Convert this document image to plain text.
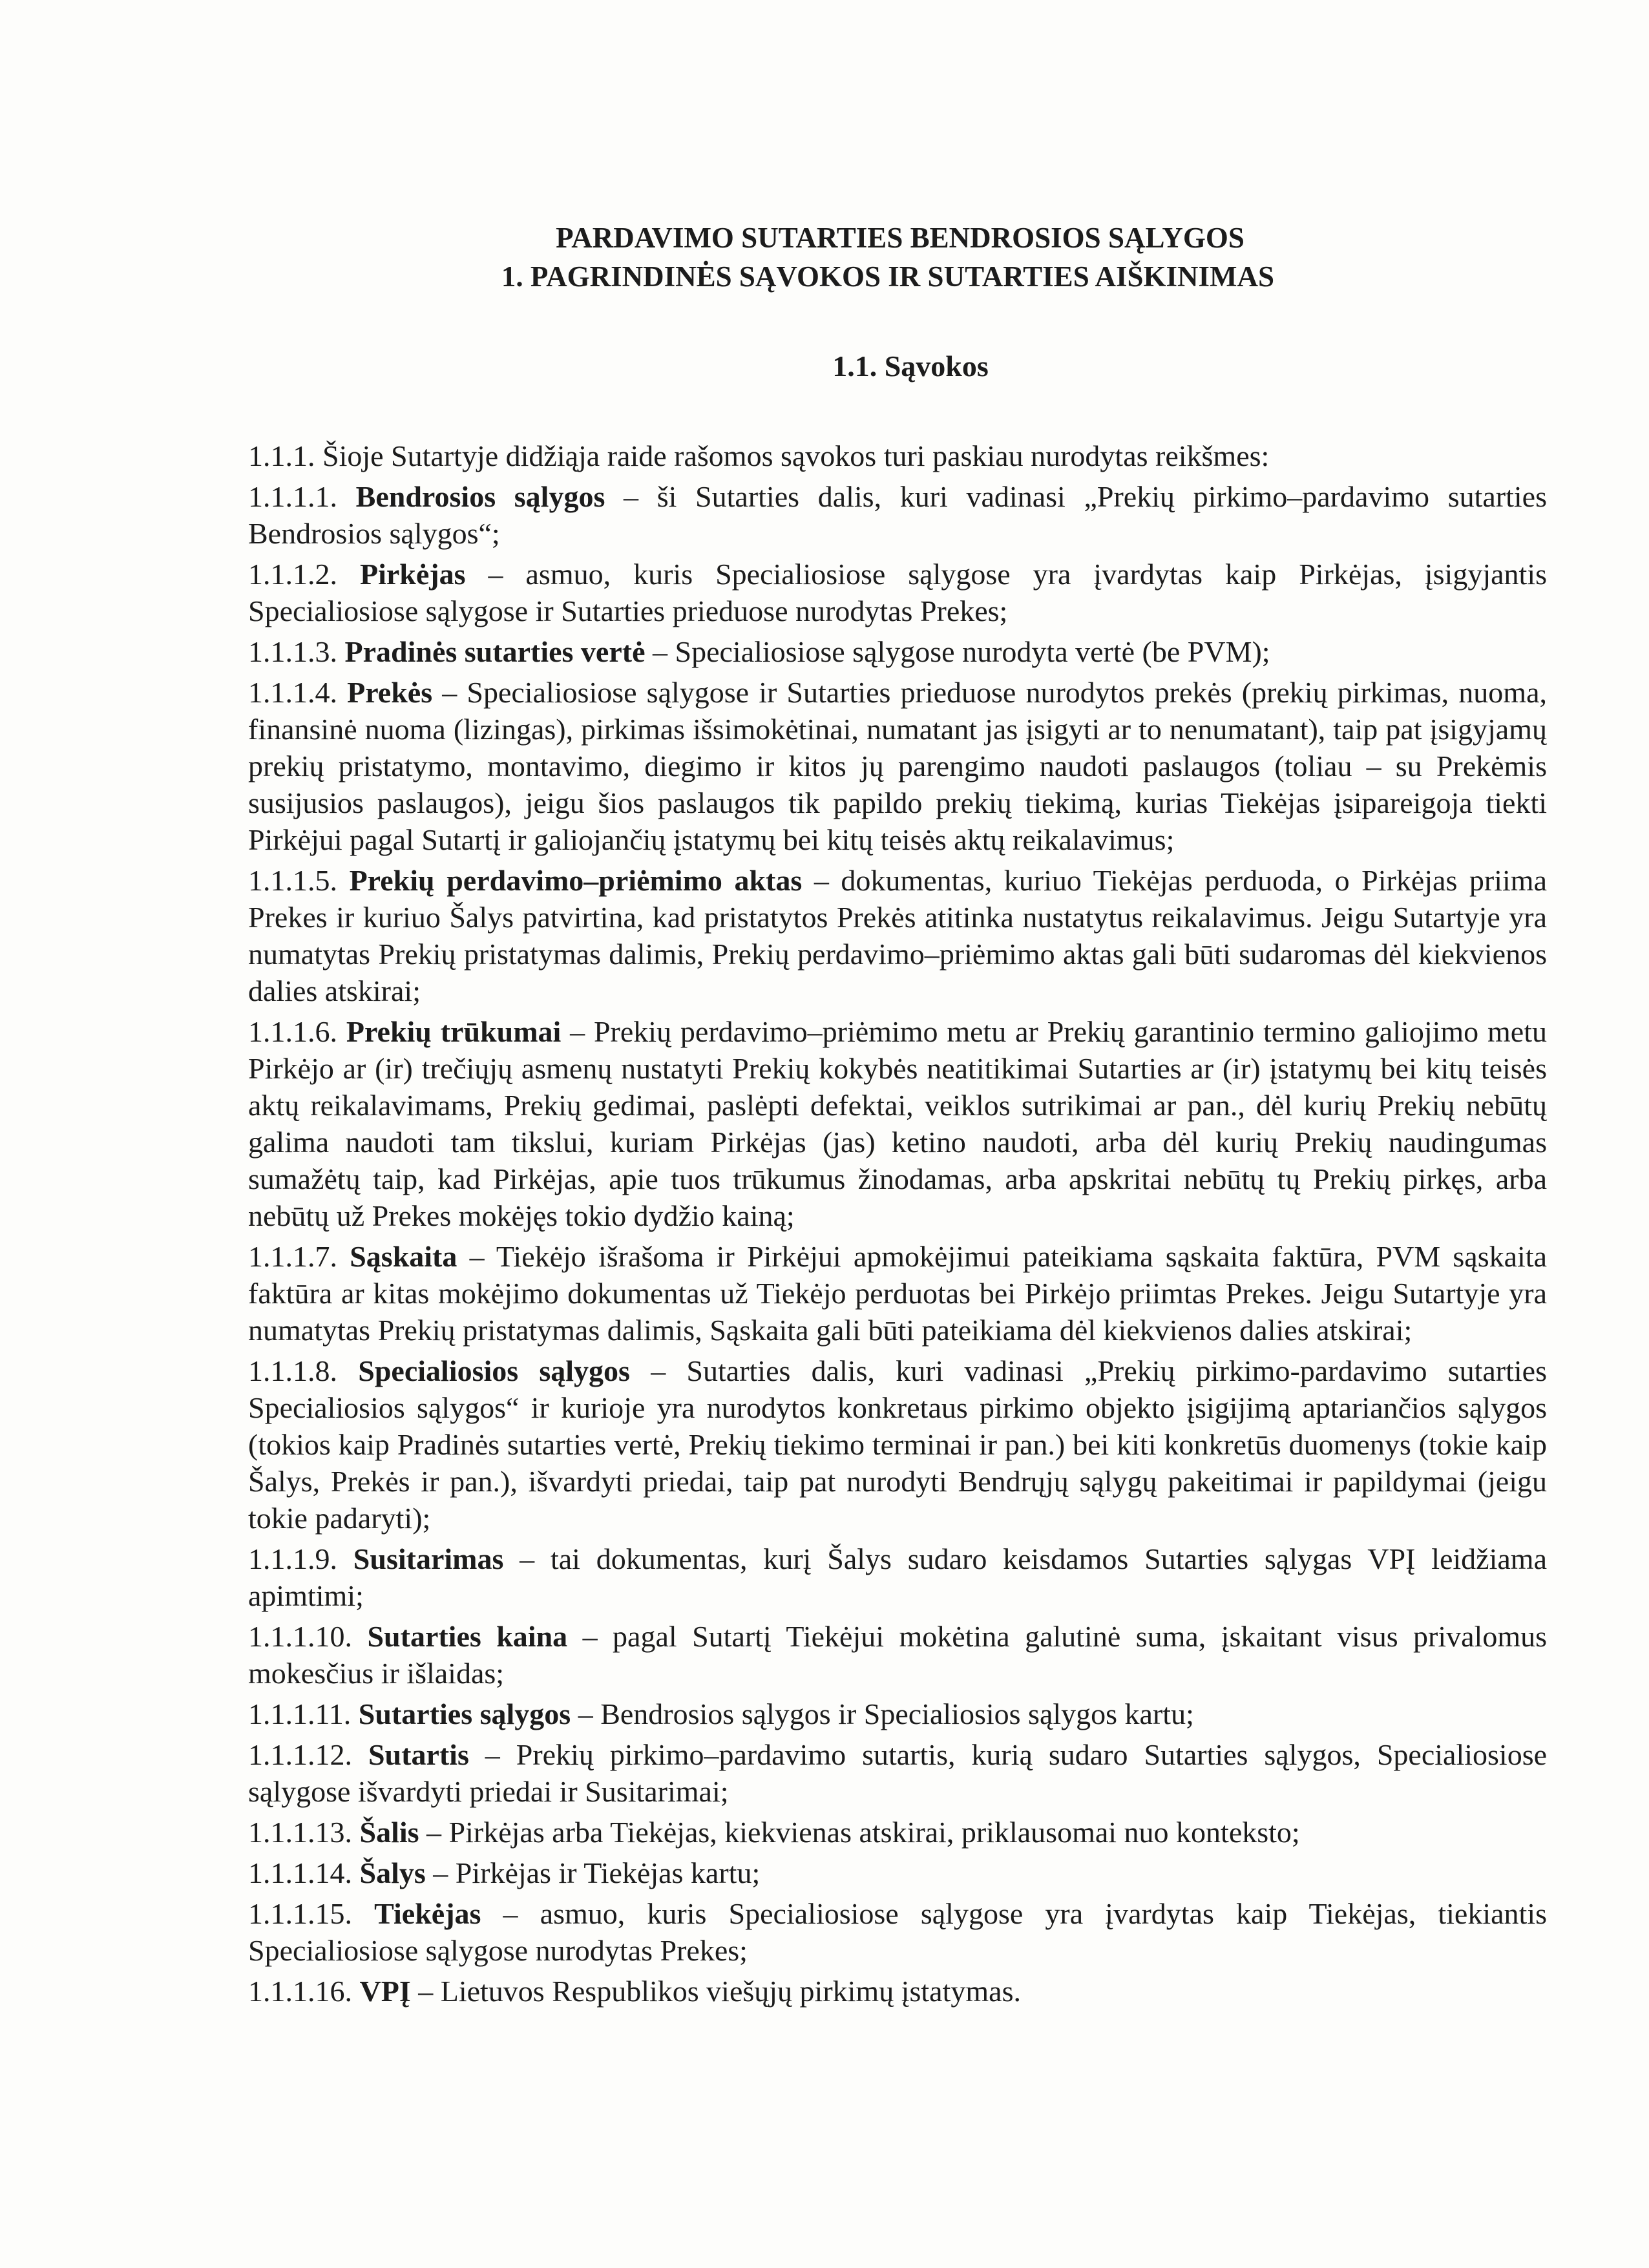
PARDAVIMO SUTARTIES BENDROSIOS SĄLYGOS
1. PAGRINDINĖS SĄVOKOS IR SUTARTIES AIŠKINIMAS
1.1. Sąvokos

1.1.1. Šioje Sutartyje didžiąja raide rašomos sąvokos turi paskiau nurodytas reikšmes:

1.1.1.1. Bendrosios sąlygos – ši Sutarties dalis, kuri vadinasi „Prekių pirkimo–pardavimo sutarties Bendrosios sąlygos“;

1.1.1.2. Pirkėjas – asmuo, kuris Specialiosiose sąlygose yra įvardytas kaip Pirkėjas, įsigyjantis Specialiosiose sąlygose ir Sutarties prieduose nurodytas Prekes;

1.1.1.3. Pradinės sutarties vertė – Specialiosiose sąlygose nurodyta vertė (be PVM);

1.1.1.4. Prekės – Specialiosiose sąlygose ir Sutarties prieduose nurodytos prekės (prekių pirkimas, nuoma, finansinė nuoma (lizingas), pirkimas išsimokėtinai, numatant jas įsigyti ar to nenumatant), taip pat įsigyjamų prekių pristatymo, montavimo, diegimo ir kitos jų parengimo naudoti paslaugos (toliau – su Prekėmis susijusios paslaugos), jeigu šios paslaugos tik papildo prekių tiekimą, kurias Tiekėjas įsipareigoja tiekti Pirkėjui pagal Sutartį ir galiojančių įstatymų bei kitų teisės aktų reikalavimus;

1.1.1.5. Prekių perdavimo–priėmimo aktas – dokumentas, kuriuo Tiekėjas perduoda, o Pirkėjas priima Prekes ir kuriuo Šalys patvirtina, kad pristatytos Prekės atitinka nustatytus reikalavimus. Jeigu Sutartyje yra numatytas Prekių pristatymas dalimis, Prekių perdavimo–priėmimo aktas gali būti sudaromas dėl kiekvienos dalies atskirai;

1.1.1.6. Prekių trūkumai – Prekių perdavimo–priėmimo metu ar Prekių garantinio termino galiojimo metu Pirkėjo ar (ir) trečiųjų asmenų nustatyti Prekių kokybės neatitikimai Sutarties ar (ir) įstatymų bei kitų teisės aktų reikalavimams, Prekių gedimai, paslėpti defektai, veiklos sutrikimai ar pan., dėl kurių Prekių nebūtų galima naudoti tam tikslui, kuriam Pirkėjas (jas) ketino naudoti, arba dėl kurių Prekių naudingumas sumažėtų taip, kad Pirkėjas, apie tuos trūkumus žinodamas, arba apskritai nebūtų tų Prekių pirkęs, arba nebūtų už Prekes mokėjęs tokio dydžio kainą;

1.1.1.7. Sąskaita – Tiekėjo išrašoma ir Pirkėjui apmokėjimui pateikiama sąskaita faktūra, PVM sąskaita faktūra ar kitas mokėjimo dokumentas už Tiekėjo perduotas bei Pirkėjo priimtas Prekes. Jeigu Sutartyje yra numatytas Prekių pristatymas dalimis, Sąskaita gali būti pateikiama dėl kiekvienos dalies atskirai;

1.1.1.8. Specialiosios sąlygos – Sutarties dalis, kuri vadinasi „Prekių pirkimo-pardavimo sutarties Specialiosios sąlygos“ ir kurioje yra nurodytos konkretaus pirkimo objekto įsigijimą aptariančios sąlygos (tokios kaip Pradinės sutarties vertė, Prekių tiekimo terminai ir pan.) bei kiti konkretūs duomenys (tokie kaip Šalys, Prekės ir pan.), išvardyti priedai, taip pat nurodyti Bendrųjų sąlygų pakeitimai ir papildymai (jeigu tokie padaryti);

1.1.1.9. Susitarimas – tai dokumentas, kurį Šalys sudaro keisdamos Sutarties sąlygas VPĮ leidžiama apimtimi;

1.1.1.10. Sutarties kaina – pagal Sutartį Tiekėjui mokėtina galutinė suma, įskaitant visus privalomus mokesčius ir išlaidas;

1.1.1.11. Sutarties sąlygos – Bendrosios sąlygos ir Specialiosios sąlygos kartu;

1.1.1.12. Sutartis – Prekių pirkimo–pardavimo sutartis, kurią sudaro Sutarties sąlygos, Specialiosiose sąlygose išvardyti priedai ir Susitarimai;

1.1.1.13. Šalis – Pirkėjas arba Tiekėjas, kiekvienas atskirai, priklausomai nuo konteksto;

1.1.1.14. Šalys – Pirkėjas ir Tiekėjas kartu;

1.1.1.15. Tiekėjas – asmuo, kuris Specialiosiose sąlygose yra įvardytas kaip Tiekėjas, tiekiantis Specialiosiose sąlygose nurodytas Prekes;

1.1.1.16. VPĮ – Lietuvos Respublikos viešųjų pirkimų įstatymas.
